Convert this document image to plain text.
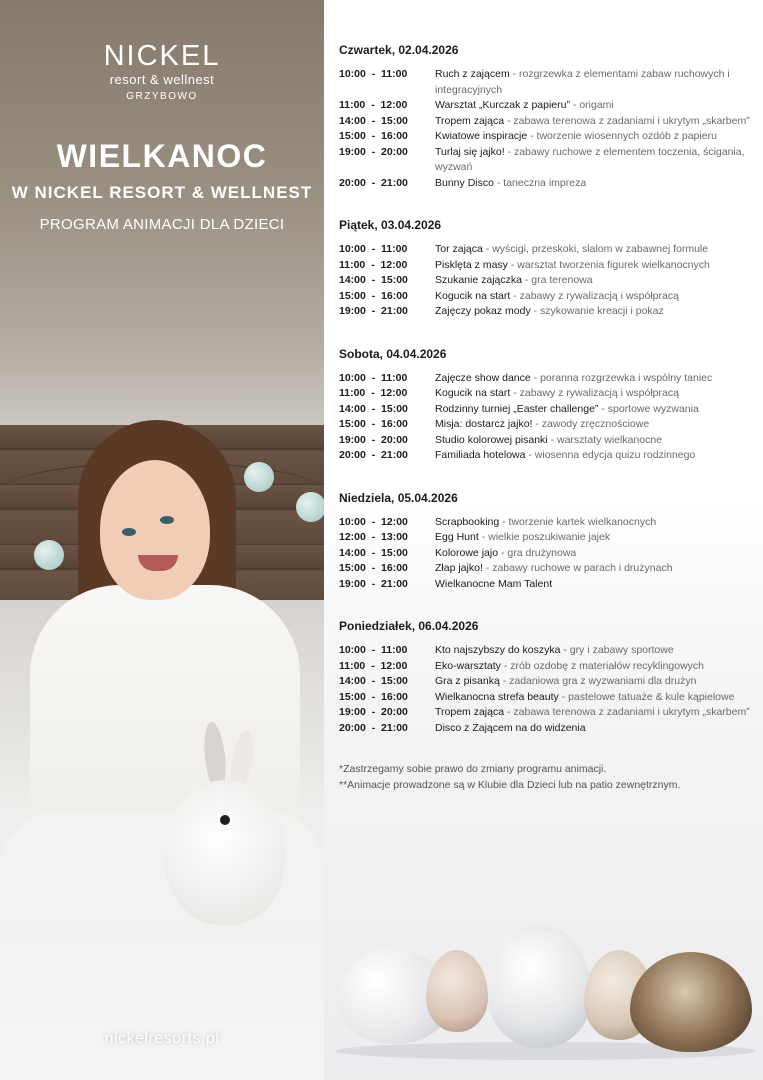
NICKEL
resort & wellnest
GRZYBOWO
WIELKANOC
W NICKEL RESORT & WELLNEST
PROGRAM ANIMACJI DLA DZIECI
nickelresorts.pl
Czwartek, 02.04.2026
10:00  -  11:00	Ruch z zającem - rozgrzewka z elementami zabaw ruchowych i integracyjnych
11:00  -  12:00	Warsztat „Kurczak z papieru” - origami
14:00  -  15:00	Tropem zająca - zabawa terenowa z zadaniami i ukrytym „skarbem”
15:00  -  16:00	Kwiatowe inspiracje - tworzenie wiosennych ozdób z papieru
19:00  -  20:00	Turlaj się jajko! - zabawy ruchowe z elementem toczenia, ścigania, wyzwań
20:00  -  21:00	Bunny Disco - taneczna impreza
Piątek, 03.04.2026
10:00  -  11:00	Tor zająca - wyścigi, przeskoki, slalom w zabawnej formule
11:00  -  12:00	Pisklęta z masy - warsztat tworzenia figurek wielkanocnych
14:00  -  15:00	Szukanie zajączka - gra terenowa
15:00  -  16:00	Kogucik na start - zabawy z rywalizacją i współpracą
19:00  -  21:00	Zajęczy pokaz mody - szykowanie kreacji i pokaz
Sobota, 04.04.2026
10:00  -  11:00	Zajęcze show dance - poranna rozgrzewka i wspólny taniec
11:00  -  12:00	Kogucik na start - zabawy z rywalizacją i współpracą
14:00  -  15:00	Rodzinny turniej „Easter challenge” - sportowe wyzwania
15:00  -  16:00	Misja: dostarcz jajko! - zawody zręcznościowe
19:00  -  20:00	Studio kolorowej pisanki - warsztaty wielkanocne
20:00  -  21:00	Familiada hotelowa - wiosenna edycja quizu rodzinnego
Niedziela, 05.04.2026
10:00  -  12:00	Scrapbooking - tworzenie kartek wielkanocnych
12:00  -  13:00	Egg Hunt - wielkie poszukiwanie jajek
14:00  -  15:00	Kolorowe jajo - gra drużynowa
15:00  -  16:00	Złap jajko! - zabawy ruchowe w parach i drużynach
19:00  -  21:00	Wielkanocne Mam Talent
Poniedziałek, 06.04.2026
10:00  -  11:00	Kto najszybszy do koszyka - gry i zabawy sportowe
11:00  -  12:00	Eko-warsztaty - zrób ozdobę z materiałów recyklingowych
14:00  -  15:00	Gra z pisanką - zadaniowa gra z wyzwaniami dla drużyn
15:00  -  16:00	Wielkanocna strefa beauty - pastelowe tatuaże & kule kąpielowe
19:00  -  20:00	Tropem zająca - zabawa terenowa z zadaniami i ukrytym „skarbem”
20:00  -  21:00	Disco z Zającem na do widzenia
*Zastrzegamy sobie prawo do zmiany programu animacji.
**Animacje prowadzone są w Klubie dla Dzieci lub na patio zewnętrznym.
